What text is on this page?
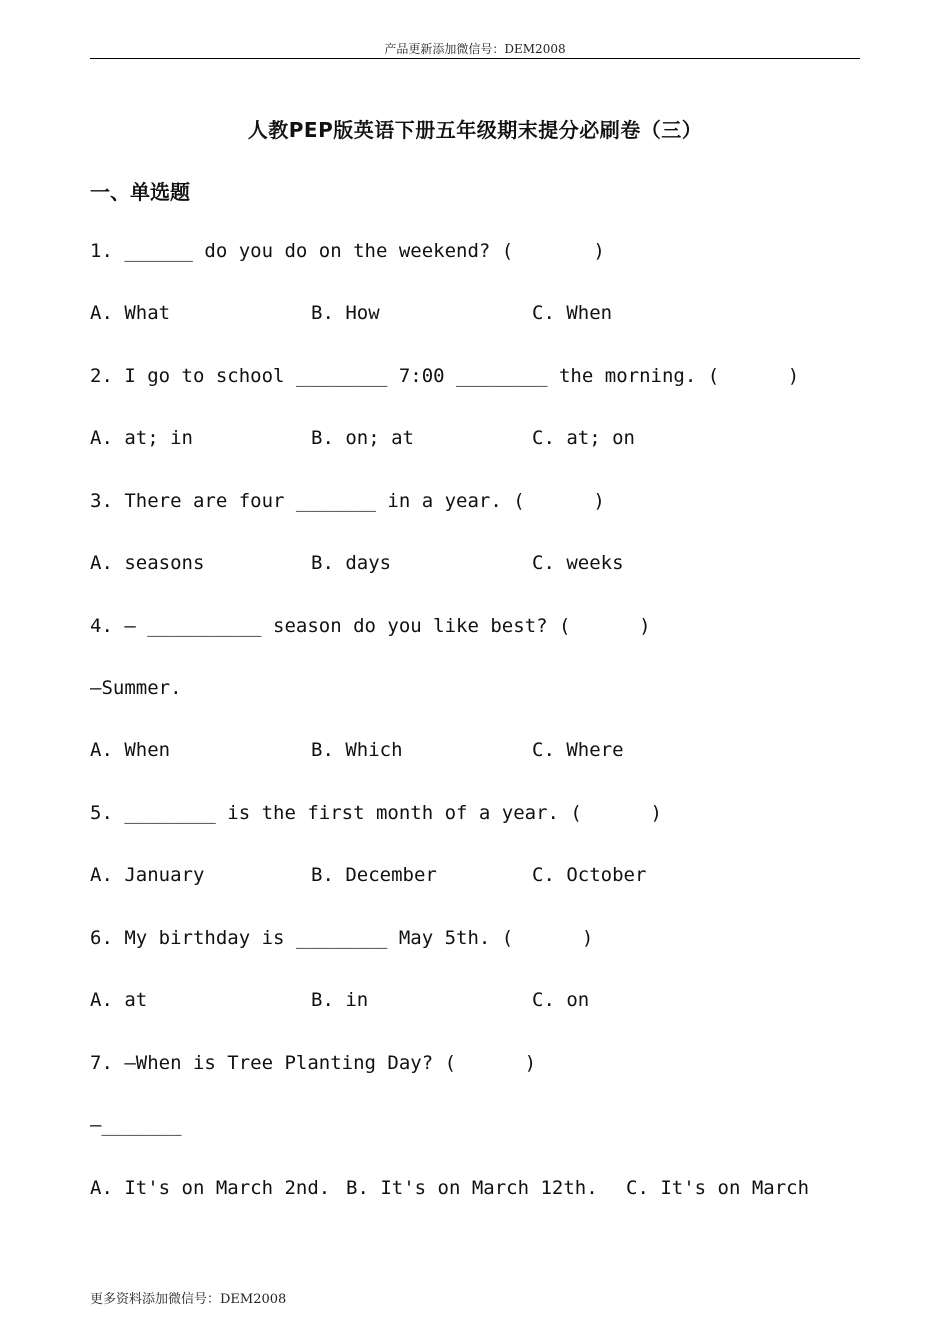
产品更新添加微信号：DEM2008
人教PEP版英语下册五年级期末提分必刷卷（三）
一、单选题
1. ______ do you do on the weekend? (       )
A. What	B. How	C. When
2. I go to school ________ 7:00 ________ the morning. (      )
A. at; in	B. on; at	C. at; on
3. There are four _______ in a year. (      )
A. seasons	B. days	C. weeks
4. — __________ season do you like best? (      )
—Summer.
A. When	B. Which	C. Where
5. ________ is the first month of a year. (      )
A. January	B. December	C. October
6. My birthday is ________ May 5th. (      )
A. at	B. in	C. on
7. —When is Tree Planting Day? (      )
—_______
A. It's on March 2nd. B. It's on March 12th. C. It's on March
更多资料添加微信号：DEM2008
